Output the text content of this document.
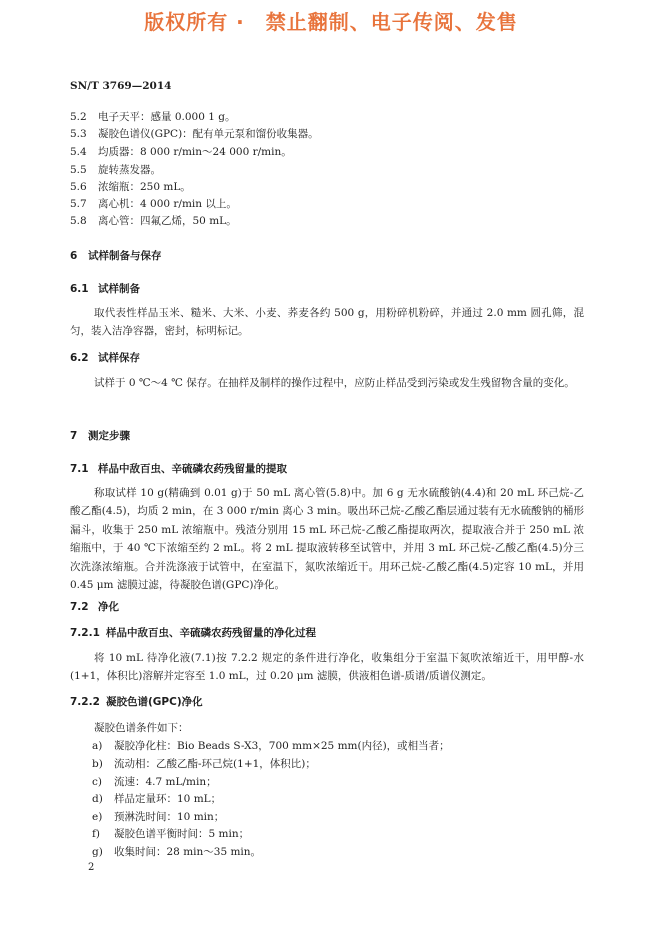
版权所有 ·　禁止翻制、电子传阅、发售
SN/T 3769—2014
5.2 电子天平：感量 0.000 1 g。
5.3 凝胶色谱仪(GPC)：配有单元泵和馏份收集器。
5.4 均质器：8 000 r/min～24 000 r/min。
5.5 旋转蒸发器。
5.6 浓缩瓶：250 mL。
5.7 离心机：4 000 r/min 以上。
5.8 离心管：四氟乙烯，50 mL。
6 试样制备与保存
6.1 试样制备
取代表性样品玉米、糙米、大米、小麦、荞麦各约 500 g，用粉碎机粉碎，并通过 2.0 mm 圆孔筛，混匀，装入洁净容器，密封，标明标记。
6.2 试样保存
试样于 0 ℃～4 ℃ 保存。在抽样及制样的操作过程中，应防止样品受到污染或发生残留物含量的变化。
7 测定步骤
7.1 样品中敌百虫、辛硫磷农药残留量的提取
称取试样 10 g(精确到 0.01 g)于 50 mL 离心管(5.8)中。加 6 g 无水硫酸钠(4.4)和 20 mL 环己烷-乙酸乙酯(4.5)，均质 2 min，在 3 000 r/min 离心 3 min。吸出环己烷-乙酸乙酯层通过装有无水硫酸钠的桶形漏斗，收集于 250 mL 浓缩瓶中。残渣分别用 15 mL 环己烷-乙酸乙酯提取两次，提取液合并于 250 mL 浓缩瓶中，于 40 ℃下浓缩至约 2 mL。将 2 mL 提取液转移至试管中，并用 3 mL 环己烷-乙酸乙酯(4.5)分三次洗涤浓缩瓶。合并洗涤液于试管中，在室温下，氮吹浓缩近干。用环己烷-乙酸乙酯(4.5)定容 10 mL，并用 0.45 μm 滤膜过滤，待凝胶色谱(GPC)净化。
7.2 净化
7.2.1 样品中敌百虫、辛硫磷农药残留量的净化过程
将 10 mL 待净化液(7.1)按 7.2.2 规定的条件进行净化，收集组分于室温下氮吹浓缩近干，用甲醇-水(1+1，体积比)溶解并定容至 1.0 mL，过 0.20 μm 滤膜，供液相色谱-质谱/质谱仪测定。
7.2.2 凝胶色谱(GPC)净化
凝胶色谱条件如下：
a) 凝胶净化柱：Bio Beads S-X3，700 mm×25 mm(内径)，或相当者；
b) 流动相：乙酸乙酯-环己烷(1+1，体积比)；
c) 流速：4.7 mL/min；
d) 样品定量环：10 mL；
e) 预淋洗时间：10 min；
f) 凝胶色谱平衡时间：5 min；
g) 收集时间：28 min～35 min。
2
